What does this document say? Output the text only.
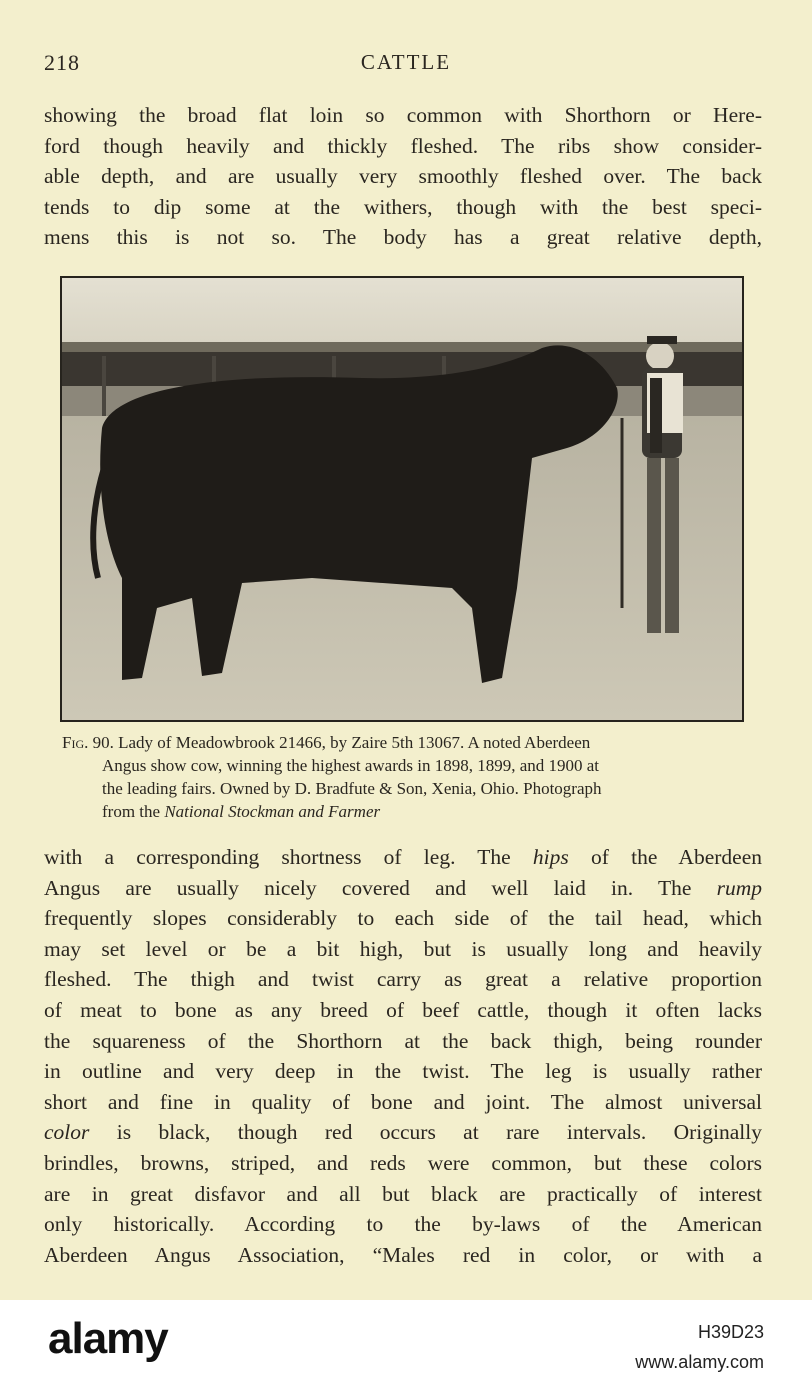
218	CATTLE
showing the broad flat loin so common with Shorthorn or Here-
ford though heavily and thickly fleshed. The ribs show consider-
able depth, and are usually very smoothly fleshed over. The back
tends to dip some at the withers, though with the best speci-
mens this is not so. The body has a great relative depth,
Fig. 90. Lady of Meadowbrook 21466, by Zaire 5th 13067. A noted Aberdeen
Angus show cow, winning the highest awards in 1898, 1899, and 1900 at
the leading fairs. Owned by D. Bradfute & Son, Xenia, Ohio. Photograph
from the National Stockman and Farmer
with a corresponding shortness of leg. The hips of the Aberdeen
Angus are usually nicely covered and well laid in. The rump
frequently slopes considerably to each side of the tail head, which
may set level or be a bit high, but is usually long and heavily
fleshed. The thigh and twist carry as great a relative proportion
of meat to bone as any breed of beef cattle, though it often lacks
the squareness of the Shorthorn at the back thigh, being rounder
in outline and very deep in the twist. The leg is usually rather
short and fine in quality of bone and joint. The almost universal
color is black, though red occurs at rare intervals. Originally
brindles, browns, striped, and reds were common, but these colors
are in great disfavor and all but black are practically of interest
only historically. According to the by-laws of the American
Aberdeen Angus Association, “Males red in color, or with a
alamy	H39D23
www.alamy.com
